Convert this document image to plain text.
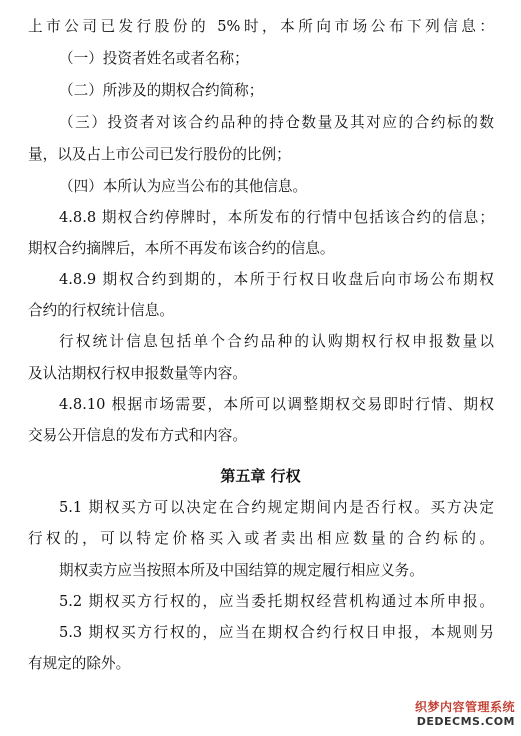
上市公司已发行股份的 5%时，本所向市场公布下列信息：
（一）投资者姓名或者名称；
（二）所涉及的期权合约简称；
（三）投资者对该合约品种的持仓数量及其对应的合约标的数
量，以及占上市公司已发行股份的比例；
（四）本所认为应当公布的其他信息。
4.8.8 期权合约停牌时，本所发布的行情中包括该合约的信息；
期权合约摘牌后，本所不再发布该合约的信息。
4.8.9 期权合约到期的，本所于行权日收盘后向市场公布期权
合约的行权统计信息。
行权统计信息包括单个合约品种的认购期权行权申报数量以
及认沽期权行权申报数量等内容。
4.8.10 根据市场需要，本所可以调整期权交易即时行情、期权
交易公开信息的发布方式和内容。
第五章 行权
5.1 期权买方可以决定在合约规定期间内是否行权。买方决定
行权的，可以特定价格买入或者卖出相应数量的合约标的。
期权卖方应当按照本所及中国结算的规定履行相应义务。
5.2 期权买方行权的，应当委托期权经营机构通过本所申报。
5.3 期权买方行权的，应当在期权合约行权日申报，本规则另
有规定的除外。
织梦内容管理系统
DEDECMS.COM
